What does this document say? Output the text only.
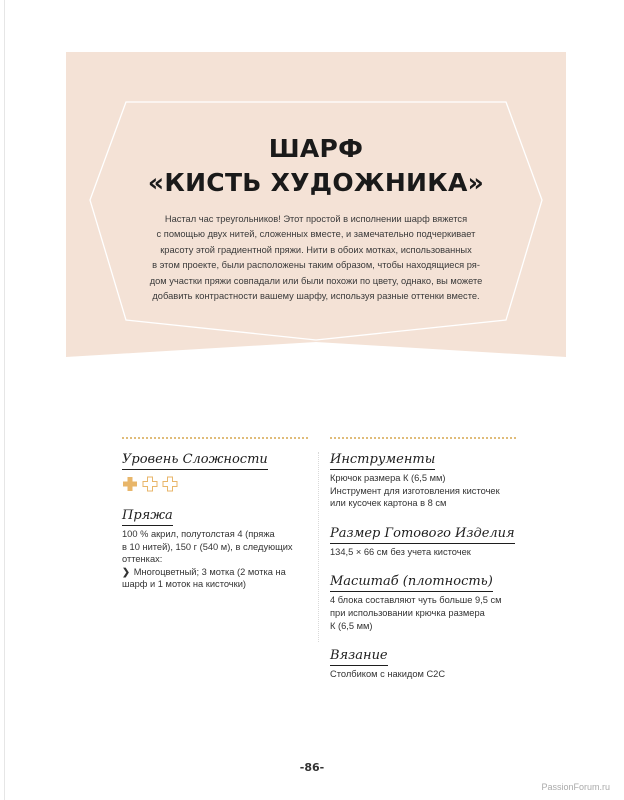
ШАРФ
«КИСТЬ ХУДОЖНИКА»

Настал час треугольников! Этот простой в исполнении шарф вяжется
с помощью двух нитей, сложенных вместе, и замечательно подчеркивает
красоту этой градиентной пряжи. Нити в обоих мотках, использованных
в этом проекте, были расположены таким образом, чтобы находящиеся ря-
дом участки пряжи совпадали или были похожи по цвету, однако, вы можете
добавить контрастности вашему шарфу, используя разные оттенки вместе.

Уровень Сложности
Пряжа

100 % акрил, полутолстая 4 (пряжа
в 10 нитей), 150 г (540 м), в следующих
оттенках:
❯ Многоцветный; 3 мотка (2 мотка на
шарф и 1 моток на кисточки)

Инструменты

Крючок размера К (6,5 мм)
Инструмент для изготовления кисточек
или кусочек картона в 8 см

Размер Готового Изделия

134,5 × 66 см без учета кисточек

Масштаб (плотность)

4 блока составляют чуть больше 9,5 см
при использовании крючка размера
К (6,5 мм)

Вязание

Столбиком с накидом С2С

-86-
PassionForum.ru
